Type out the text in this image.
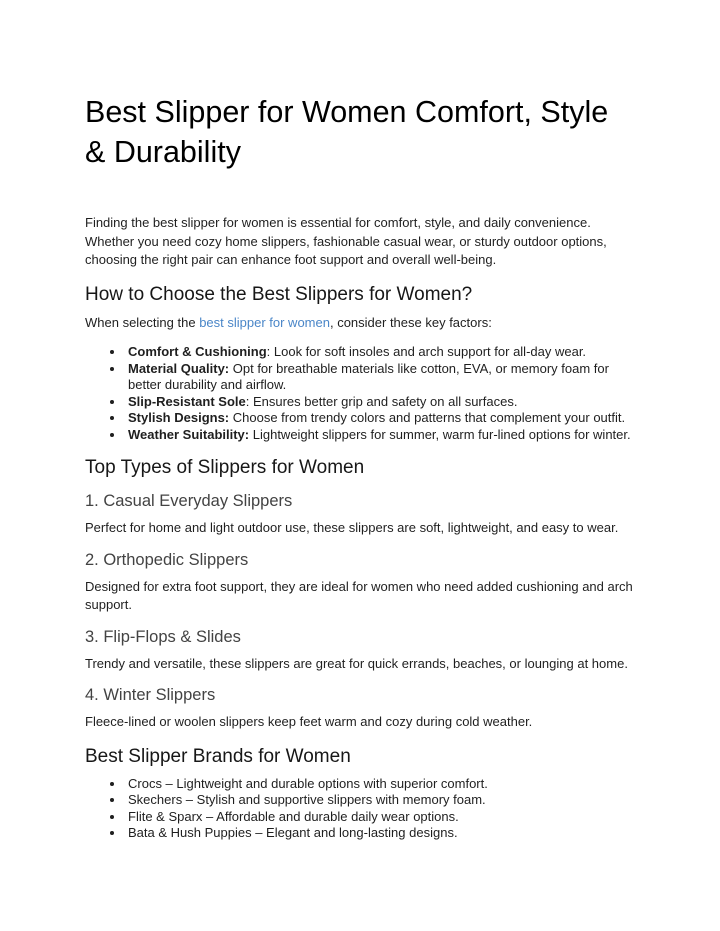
Best Slipper for Women Comfort, Style & Durability

Finding the best slipper for women is essential for comfort, style, and daily convenience. Whether you need cozy home slippers, fashionable casual wear, or sturdy outdoor options, choosing the right pair can enhance foot support and overall well-being.

How to Choose the Best Slippers for Women?

When selecting the best slipper for women, consider these key factors:

• Comfort & Cushioning: Look for soft insoles and arch support for all-day wear.
• Material Quality: Opt for breathable materials like cotton, EVA, or memory foam for better durability and airflow.
• Slip-Resistant Sole: Ensures better grip and safety on all surfaces.
• Stylish Designs: Choose from trendy colors and patterns that complement your outfit.
• Weather Suitability: Lightweight slippers for summer, warm fur-lined options for winter.
Top Types of Slippers for Women
1. Casual Everyday Slippers

Perfect for home and light outdoor use, these slippers are soft, lightweight, and easy to wear.

2. Orthopedic Slippers

Designed for extra foot support, they are ideal for women who need added cushioning and arch support.

3. Flip-Flops & Slides

Trendy and versatile, these slippers are great for quick errands, beaches, or lounging at home.

4. Winter Slippers

Fleece-lined or woolen slippers keep feet warm and cozy during cold weather.

Best Slipper Brands for Women
• Crocs – Lightweight and durable options with superior comfort.
• Skechers – Stylish and supportive slippers with memory foam.
• Flite & Sparx – Affordable and durable daily wear options.
• Bata & Hush Puppies – Elegant and long-lasting designs.
